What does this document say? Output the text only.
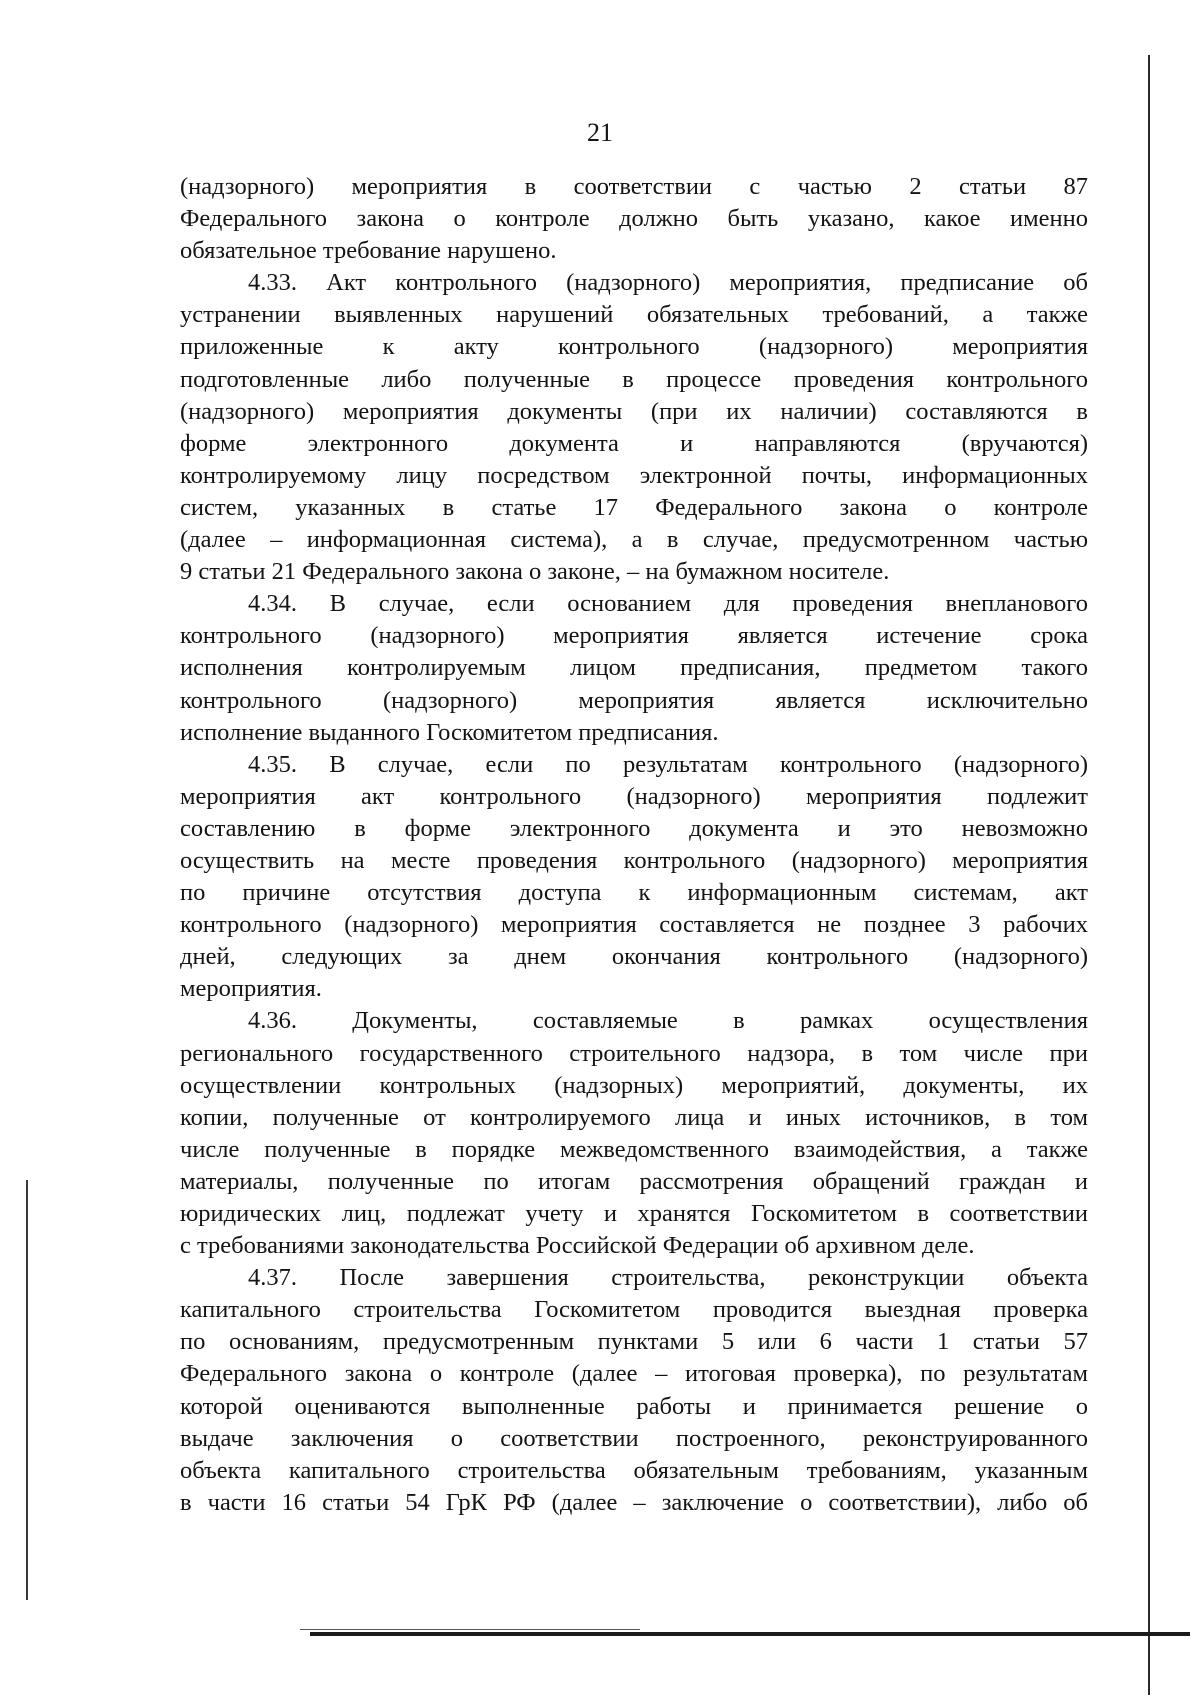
21
(надзорного) мероприятия в соответствии с частью 2 статьи 87
Федерального закона о контроле должно быть указано, какое именно
обязательное требование нарушено.
4.33. Акт контрольного (надзорного) мероприятия, предписание об
устранении выявленных нарушений обязательных требований, а также
приложенные к акту контрольного (надзорного) мероприятия
подготовленные либо полученные в процессе проведения контрольного
(надзорного) мероприятия документы (при их наличии) составляются в
форме электронного документа и направляются (вручаются)
контролируемому лицу посредством электронной почты, информационных
систем, указанных в статье 17 Федерального закона о контроле
(далее – информационная система), а в случае, предусмотренном частью
9 статьи 21 Федерального закона о законе, – на бумажном носителе.
4.34. В случае, если основанием для проведения внепланового
контрольного (надзорного) мероприятия является истечение срока
исполнения контролируемым лицом предписания, предметом такого
контрольного (надзорного) мероприятия является исключительно
исполнение выданного Госкомитетом предписания.
4.35. В случае, если по результатам контрольного (надзорного)
мероприятия акт контрольного (надзорного) мероприятия подлежит
составлению в форме электронного документа и это невозможно
осуществить на месте проведения контрольного (надзорного) мероприятия
по причине отсутствия доступа к информационным системам, акт
контрольного (надзорного) мероприятия составляется не позднее 3 рабочих
дней, следующих за днем окончания контрольного (надзорного)
мероприятия.
4.36. Документы, составляемые в рамках осуществления
регионального государственного строительного надзора, в том числе при
осуществлении контрольных (надзорных) мероприятий, документы, их
копии, полученные от контролируемого лица и иных источников, в том
числе полученные в порядке межведомственного взаимодействия, а также
материалы, полученные по итогам рассмотрения обращений граждан и
юридических лиц, подлежат учету и хранятся Госкомитетом в соответствии
с требованиями законодательства Российской Федерации об архивном деле.
4.37. После завершения строительства, реконструкции объекта
капитального строительства Госкомитетом проводится выездная проверка
по основаниям, предусмотренным пунктами 5 или 6 части 1 статьи 57
Федерального закона о контроле (далее – итоговая проверка), по результатам
которой оцениваются выполненные работы и принимается решение о
выдаче заключения о соответствии построенного, реконструированного
объекта капитального строительства обязательным требованиям, указанным
в части 16 статьи 54 ГрК РФ (далее – заключение о соответствии), либо об
